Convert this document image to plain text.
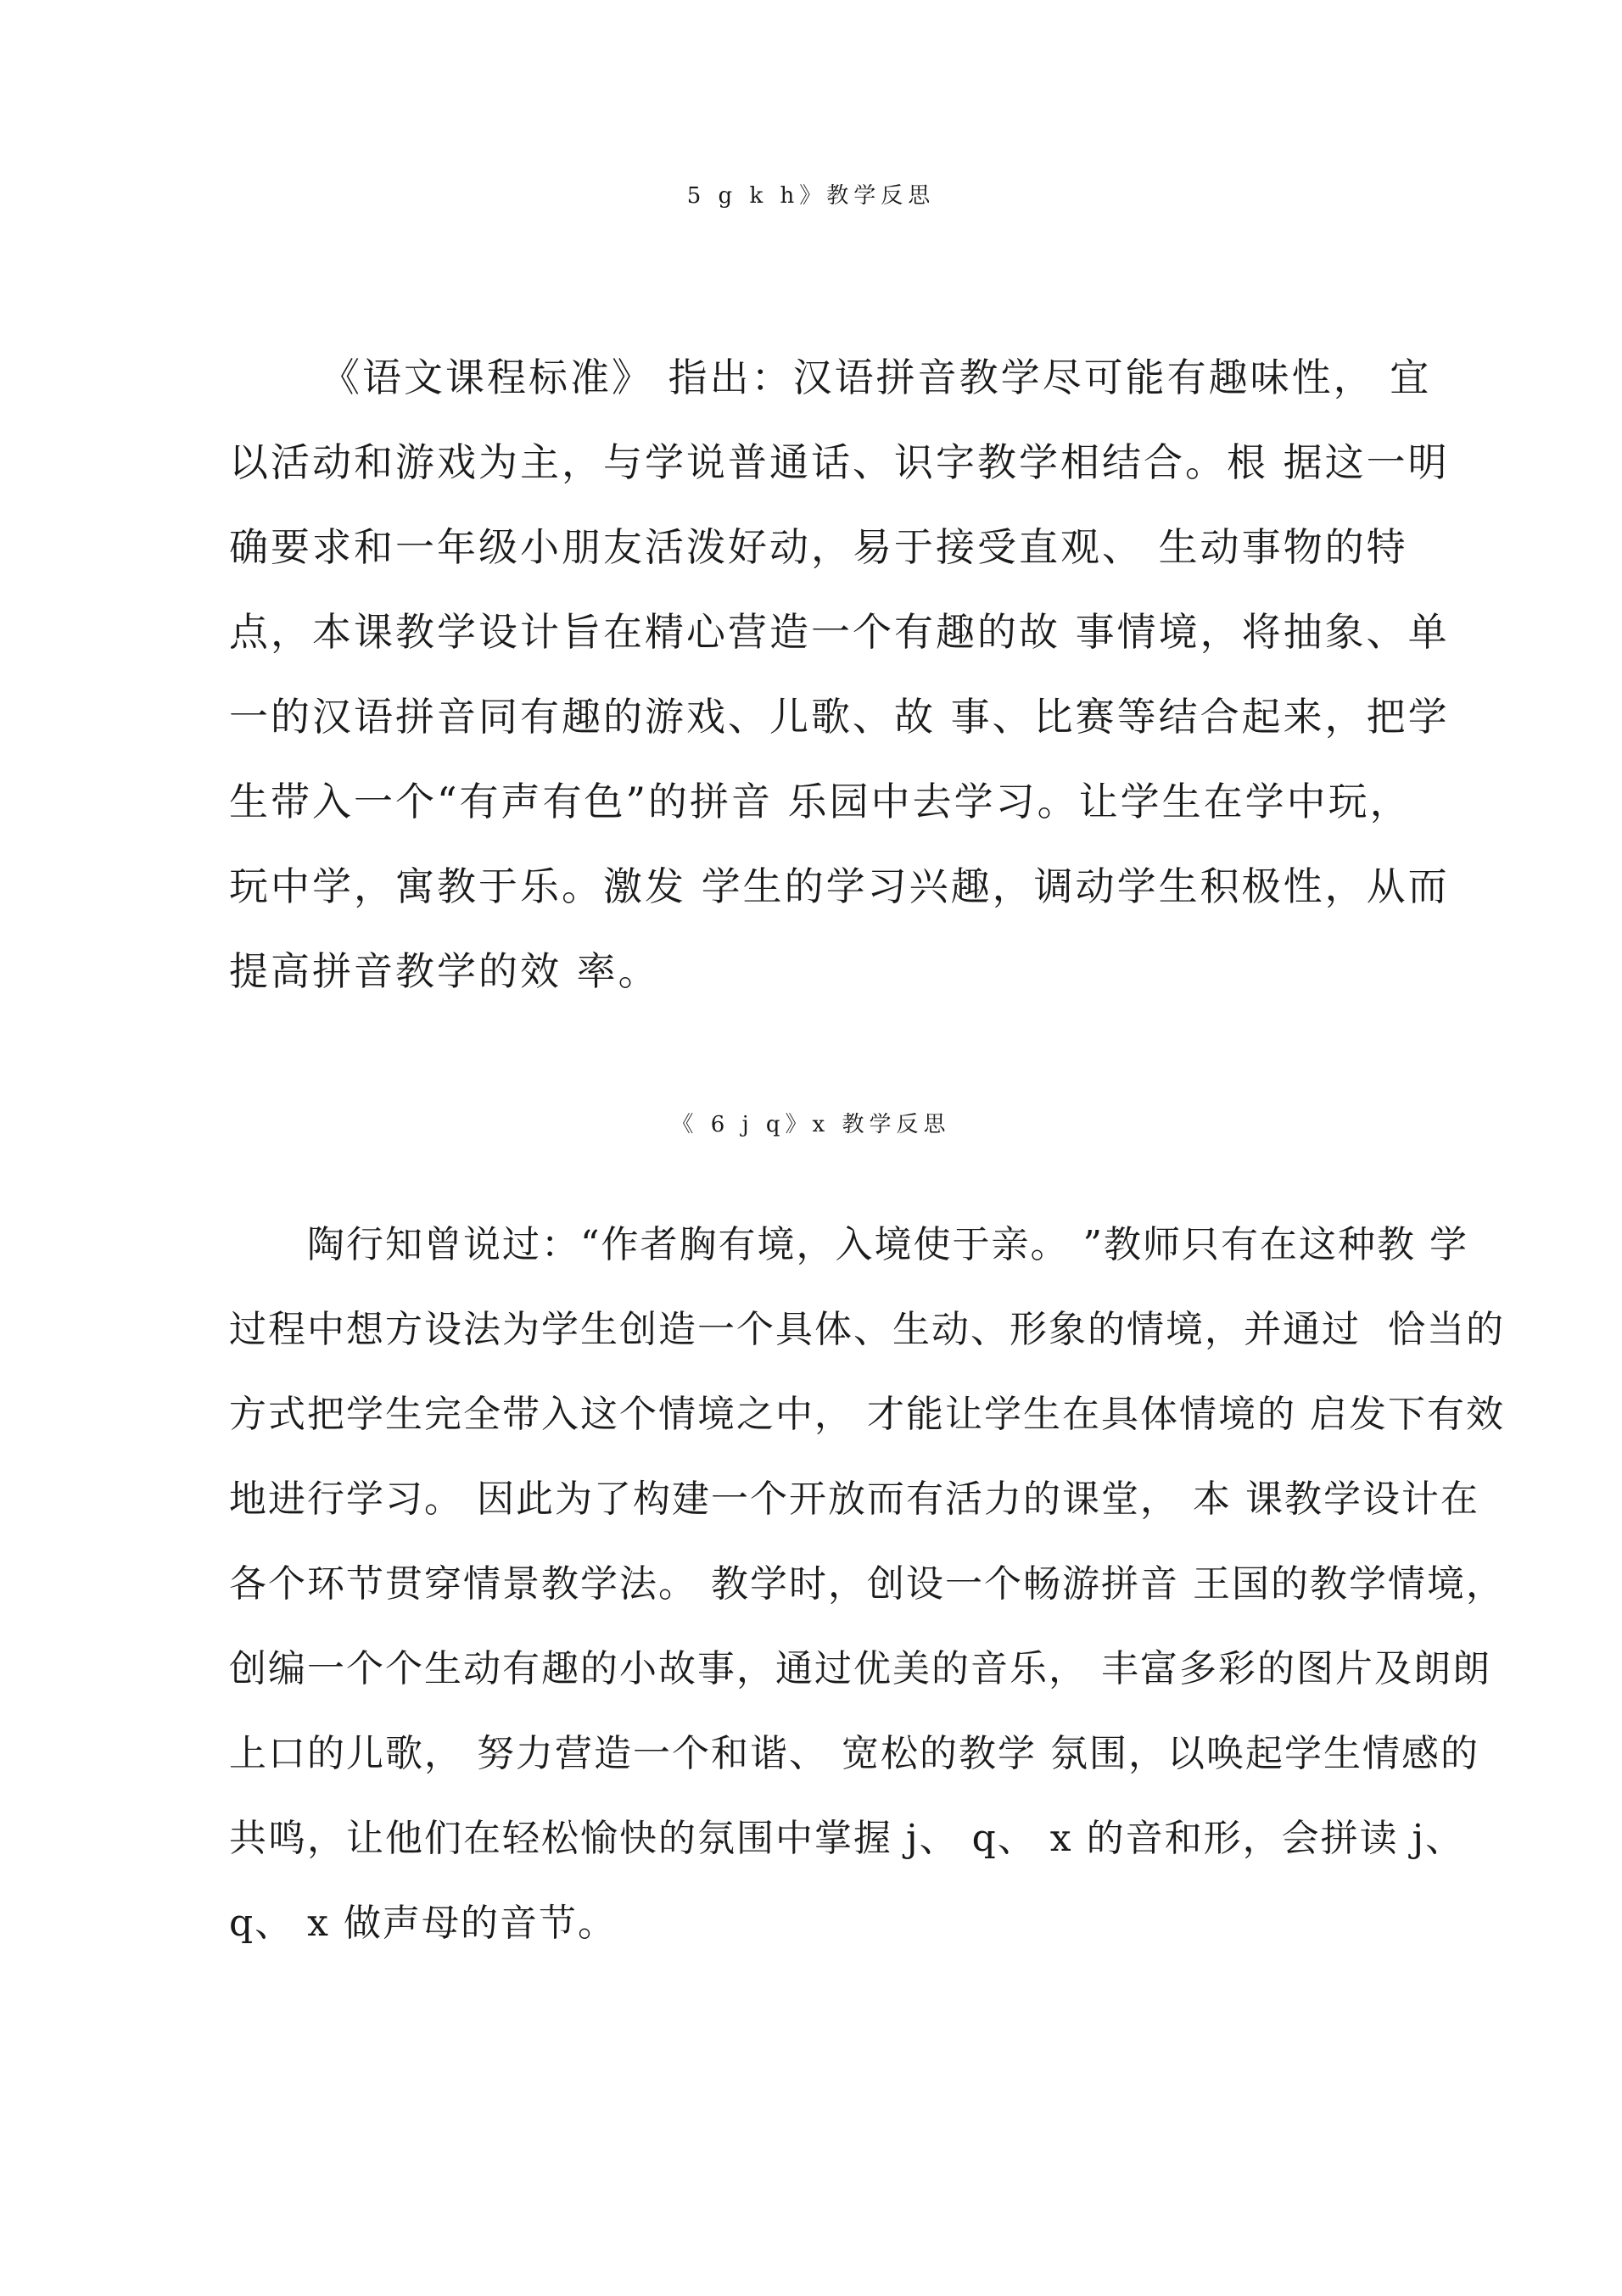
5 g k h》教学反思
《语文课程标准》 指出：汉语拼音教学尽可能有趣味性， 宜
以活动和游戏为主，与学说普通话、识字教学相结合。根 据这一明
确要求和一年级小朋友活泼好动，易于接受直观、 生动事物的特
点，本课教学设计旨在精心营造一个有趣的故 事情境，将抽象、单
一的汉语拼音同有趣的游戏、儿歌、故 事、比赛等结合起来，把学
生带入一个“有声有色”的拼音 乐园中去学习。让学生在学中玩，
玩中学，寓教于乐。激发 学生的学习兴趣，调动学生积极性，从而
提高拼音教学的效 率。
《 6 j q》x 教学反思
陶行知曾说过：“作者胸有境，入境使于亲。 ”教师只有在这种教 学
过程中想方设法为学生创造一个具体、生动、形象的情境，并通过  恰当的
方式把学生完全带入这个情境之中， 才能让学生在具体情境的 启发下有效
地进行学习。 因此为了构建一个开放而有活力的课堂， 本 课教学设计在
各个环节贯穿情景教学法。 教学时，创设一个畅游拼音 王国的教学情境，
创编一个个生动有趣的小故事，通过优美的音乐， 丰富多彩的图片及朗朗
上口的儿歌， 努力营造一个和谐、 宽松的教学 氛围，以唤起学生情感的
共鸣，让他们在轻松愉快的氛围中掌握 j、 q、 x 的音和形，会拼读 j、
q、 x 做声母的音节。
